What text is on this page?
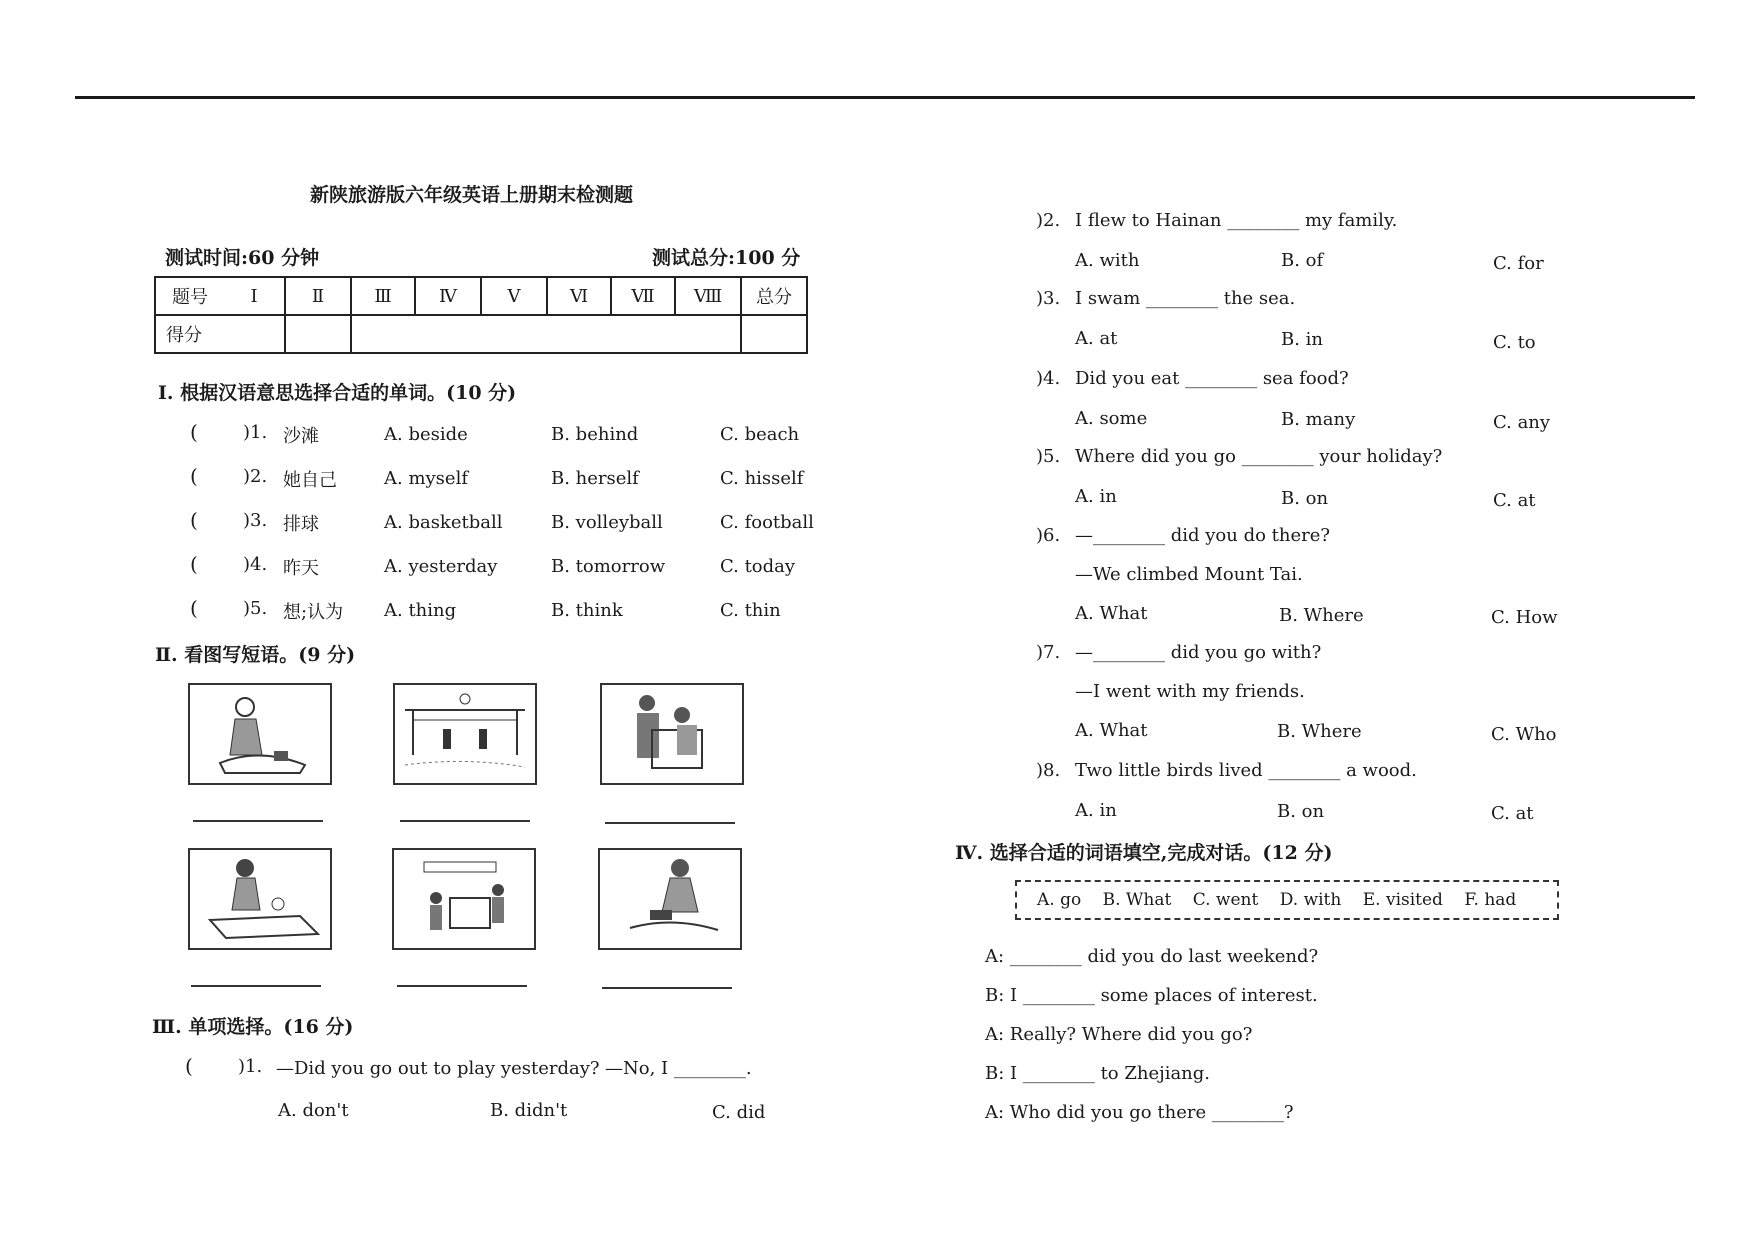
新陕旅游版六年级英语上册期末检测题
测试时间:60 分钟	测试总分:100 分
题号	Ⅰ	Ⅱ	Ⅲ	Ⅳ	Ⅴ	Ⅵ	Ⅶ	Ⅷ	总分
得分									
Ⅰ. 根据汉语意思选择合适的单词。(10 分)
(	)1. 沙滩	A. beside	B. behind	C. beach
(	)2. 她自己	A. myself	B. herself	C. hisself
(	)3. 排球	A. basketball	B. volleyball	C. football
(	)4. 昨天	A. yesterday	B. tomorrow	C. today
(	)5. 想;认为 A. thing	B. think	C. thin
Ⅱ. 看图写短语。(9 分)
Ⅲ. 单项选择。(16 分)
(	)1. —Did you go out to play yesterday? —No, I ________.
A. don't	B. didn't	C. did
)2. I flew to Hainan ________ my family.
A. with	B. of	C. for
)3. I swam ________ the sea.
A. at	B. in	C. to
)4. Did you eat ________ sea food?
A. some	B. many	C. any
)5. Where did you go ________ your holiday?
A. in	B. on	C. at
)6. —________ did you do there?
—We climbed Mount Tai.
A. What	B. Where	C. How
)7. —________ did you go with?
—I went with my friends.
A. What	B. Where	C. Who
)8. Two little birds lived ________ a wood.
A. in	B. on	C. at
Ⅳ. 选择合适的词语填空,完成对话。(12 分)
A. go B. What C. went D. with E. visited F. had
A: ________ did you do last weekend?
B: I ________ some places of interest.
A: Really? Where did you go?
B: I ________ to Zhejiang.
A: Who did you go there ________?
